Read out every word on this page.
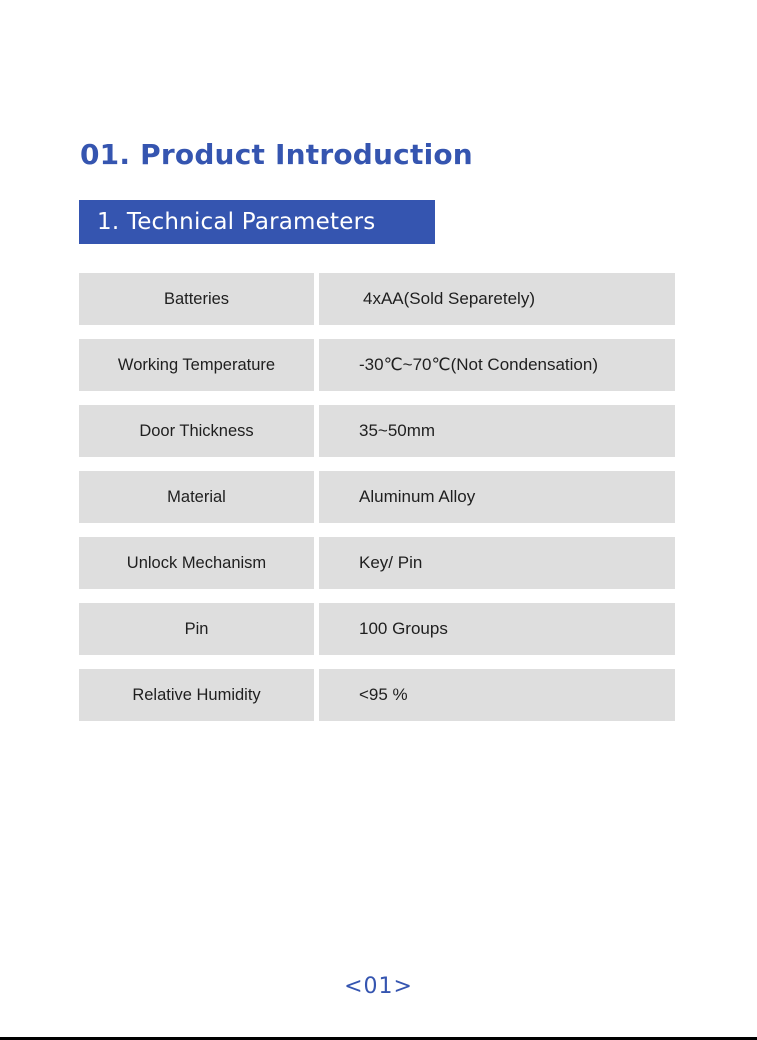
01. Product Introduction
1. Technical Parameters
Batteries	4xAA(Sold Separetely)
Working Temperature	-30℃~70℃(Not Condensation)
Door Thickness	35~50mm
Material	Aluminum Alloy
Unlock Mechanism	Key/ Pin
Pin	100 Groups
Relative Humidity	<95 %
<01>
